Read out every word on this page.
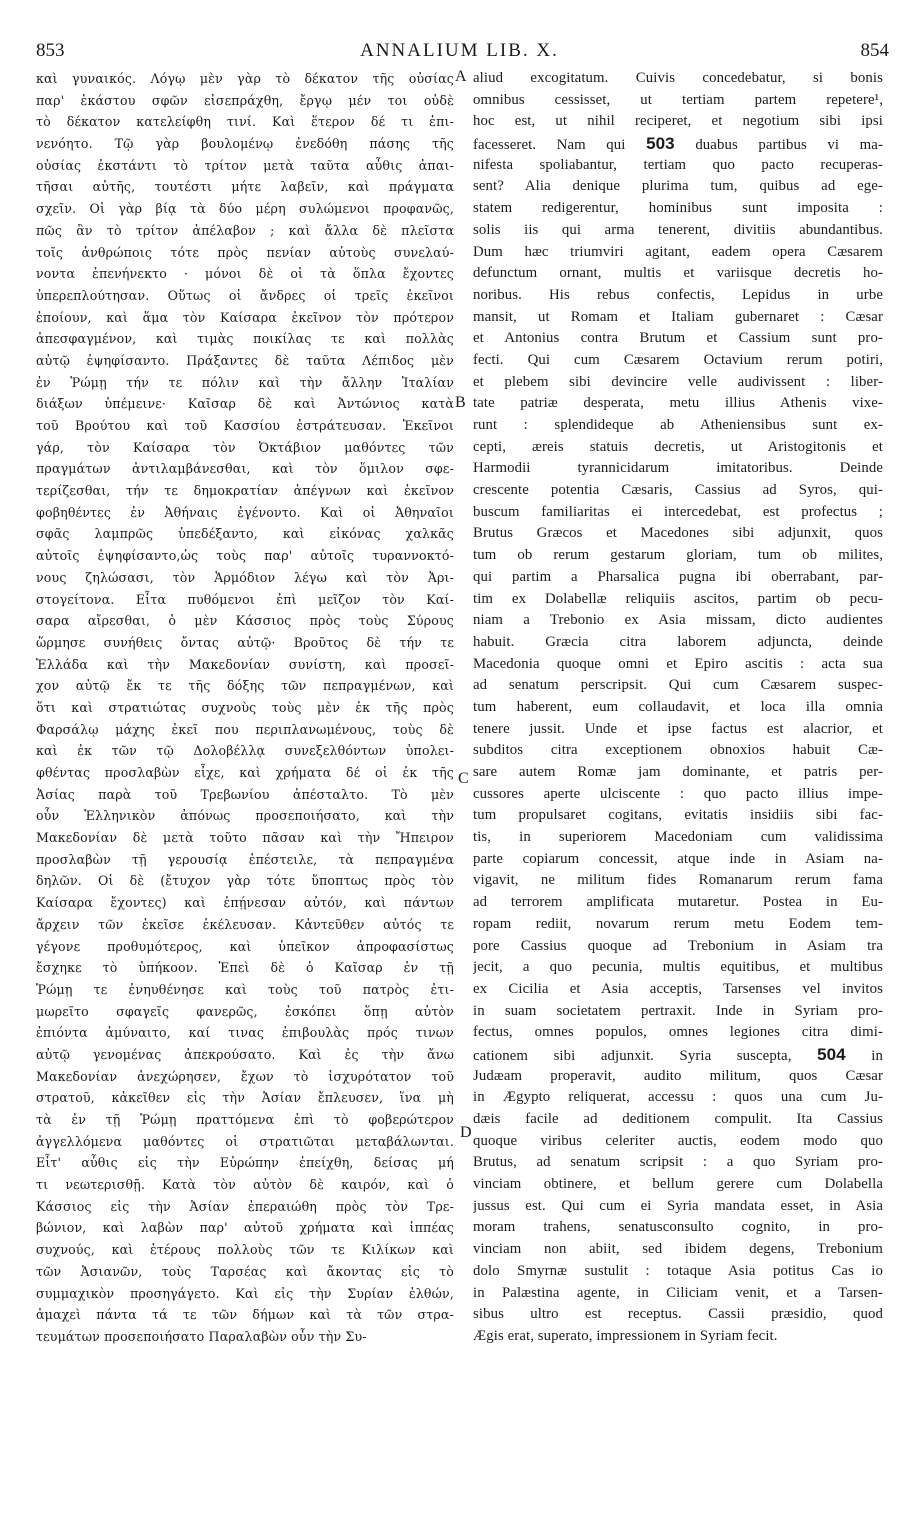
853	ANNALIUM LIB. X.	854
καὶ γυναικός. Λόγῳ μὲν γὰρ τὸ δέκατον τῆς οὐσίας
παρ' ἑκάστου σφῶν εἰσεπράχθη, ἔργῳ μέν τοι οὐδὲ
τὸ δέκατον κατελείφθη τινί. Καὶ ἕτερον δέ τι ἐπι-
νενόητο. Τῷ γὰρ βουλομένῳ ἐνεδόθη πάσης τῆς
οὐσίας ἐκστάντι τὸ τρίτον μετὰ ταῦτα αὖθις ἀπαι-
τῆσαι αὐτῆς, τουτέστι μήτε λαβεῖν, καὶ πράγματα
σχεῖν. Οἱ γὰρ βίᾳ τὰ δύο μέρη συλώμενοι προφανῶς,
πῶς ἂν τὸ τρίτον ἀπέλαβον ; καὶ ἄλλα δὲ πλεῖστα
τοῖς ἀνθρώποις τότε πρὸς πενίαν αὐτοὺς συνελαύ-
νοντα ἐπενήνεκτο · μόνοι δὲ οἱ τὰ ὅπλα ἔχοντες
ὑπερεπλούτησαν. Οὕτως οἱ ἄνδρες οἱ τρεῖς ἐκεῖνοι
ἐποίουν, καὶ ἅμα τὸν Καίσαρα ἐκεῖνον τὸν πρότερον
ἀπεσφαγμένον, καὶ τιμὰς ποικίλας τε καὶ πολλὰς
αὐτῷ ἐψηφίσαντο. Πράξαντες δὲ ταῦτα Λέπιδος μὲν
ἐν Ῥώμῃ τήν τε πόλιν καὶ τὴν ἄλλην Ἰταλίαν
διάξων ὑπέμεινε· Καῖσαρ δὲ καὶ Ἀντώνιος κατὰ
τοῦ Βρούτου καὶ τοῦ Κασσίου ἐστράτευσαν. Ἐκεῖνοι
γάρ, τὸν Καίσαρα τὸν Ὀκτάβιον μαθόντες τῶν
πραγμάτων ἀντιλαμβάνεσθαι, καὶ τὸν ὅμιλον σφε-
τερίζεσθαι, τήν τε δημοκρατίαν ἀπέγνων καὶ ἐκεῖνον
φοβηθέντες ἐν Ἀθήναις ἐγένοντο. Καὶ οἱ Ἀθηναῖοι
σφᾶς λαμπρῶς ὑπεδέξαντο, καὶ εἰκόνας χαλκᾶς
αὐτοῖς ἐψηφίσαντο,ὡς τοὺς παρ' αὐτοῖς τυραννοκτό-
νους ζηλώσασι, τὸν Ἁρμόδιον λέγω καὶ τὸν Ἀρι-
στογείτονα. Εἶτα πυθόμενοι ἐπὶ μεῖζον τὸν Καί-
σαρα αἴρεσθαι, ὁ μὲν Κάσσιος πρὸς τοὺς Σύρους
ὥρμησε συνήθεις ὄντας αὐτῷ· Βροῦτος δὲ τήν τε
Ἑλλάδα καὶ τὴν Μακεδονίαν συνίστη, καὶ προσεῖ-
χον αὐτῷ ἔκ τε τῆς δόξης τῶν πεπραγμένων, καὶ
ὅτι καὶ στρατιώτας συχνοὺς τοὺς μὲν ἐκ τῆς πρὸς
Φαρσάλῳ μάχης ἐκεῖ που περιπλανωμένους, τοὺς δὲ
καὶ ἐκ τῶν τῷ Δολοβέλλᾳ συνεξελθόντων ὑπολει-
φθέντας προσλαβὼν εἶχε, καὶ χρήματα δέ οἱ ἐκ τῆς
Ἀσίας παρὰ τοῦ Τρεβωνίου ἀπέσταλτο. Τὸ μὲν
οὖν Ἑλληνικὸν ἀπόνως προσεποιήσατο, καὶ τὴν
Μακεδονίαν δὲ μετὰ τοῦτο πᾶσαν καὶ τὴν Ἤπειρον
προσλαβὼν τῇ γερουσίᾳ ἐπέστειλε, τὰ πεπραγμένα
δηλῶν. Οἱ δὲ (ἔτυχον γὰρ τότε ὕποπτως πρὸς τὸν
Καίσαρα ἔχοντες) καὶ ἐπῄνεσαν αὐτόν, καὶ πάντων
ἄρχειν τῶν ἐκεῖσε ἐκέλευσαν. Κἀντεῦθεν αὐτός τε
γέγονε προθυμότερος, καὶ ὑπεῖκον ἀπροφασίστως
ἔσχηκε τὸ ὑπήκοον. Ἐπεὶ δὲ ὁ Καῖσαρ ἐν τῇ
Ῥώμῃ τε ἐνηυθένησε καὶ τοὺς τοῦ πατρὸς ἐτι-
μωρεῖτο σφαγεῖς φανερῶς, ἐσκόπει ὅπῃ αὐτὸν
ἐπιόντα ἀμύναιτο, καί τινας ἐπιβουλὰς πρός τινων
αὐτῷ γενομένας ἀπεκρούσατο. Καὶ ἐς τὴν ἄνω
Μακεδονίαν ἀνεχώρησεν, ἔχων τὸ ἰσχυρότατον τοῦ
στρατοῦ, κἀκεῖθεν εἰς τὴν Ἀσίαν ἔπλευσεν, ἵνα μὴ
τὰ ἐν τῇ Ῥώμῃ πραττόμενα ἐπὶ τὸ φοβερώτερον
ἀγγελλόμενα μαθόντες οἱ στρατιῶται μεταβάλωνται.
Εἶτ' αὖθις εἰς τὴν Εὐρώπην ἐπείχθη, δείσας μή
τι νεωτερισθῇ. Κατὰ τὸν αὐτὸν δὲ καιρόν, καὶ ὁ
Κάσσιος εἰς τὴν Ἀσίαν ἐπεραιώθη πρὸς τὸν Τρε-
βώνιον, καὶ λαβὼν παρ' αὐτοῦ χρήματα καὶ ἱππέας
συχνούς, καὶ ἑτέρους πολλοὺς τῶν τε Κιλίκων καὶ
τῶν Ἀσιανῶν, τοὺς Ταρσέας καὶ ἄκοντας εἰς τὸ
συμμαχικὸν προσηγάγετο. Καὶ εἰς τὴν Συρίαν ἐλθών,
ἀμαχεὶ πάντα τά τε τῶν δήμων καὶ τὰ τῶν στρα-
τευμάτων προσεποιήσατο Παραλαβὼν οὖν τὴν Συ-
A
B
C
D
aliud excogitatum. Cuivis concedebatur, si bonis
omnibus cessisset, ut tertiam partem repetere¹,
hoc est, ut nihil reciperet, et negotium sibi ipsi
facesseret. Nam qui 503 duabus partibus vi ma-
nifesta spoliabantur, tertiam quo pacto recuperas-
sent? Alia denique plurima tum, quibus ad ege-
statem redigerentur, hominibus sunt imposita :
solis iis qui arma tenerent, divitiis abundantibus.
Dum hæc triumviri agitant, eadem opera Cæsarem
defunctum ornant, multis et variisque decretis ho-
noribus. His rebus confectis, Lepidus in urbe
mansit, ut Romam et Italiam gubernaret : Cæsar
et Antonius contra Brutum et Cassium sunt pro-
fecti. Qui cum Cæsarem Octavium rerum potiri,
et plebem sibi devincire velle audivissent : liber-
tate patriæ desperata, metu illius Athenis vixe-
runt : splendideque ab Atheniensibus sunt ex-
cepti, æreis statuis decretis, ut Aristogitonis et
Harmodii tyrannicidarum imitatoribus. Deinde
crescente potentia Cæsaris, Cassius ad Syros, qui-
buscum familiaritas ei intercedebat, est profectus ;
Brutus Græcos et Macedones sibi adjunxit, quos
tum ob rerum gestarum gloriam, tum ob milites,
qui partim a Pharsalica pugna ibi oberrabant, par-
tim ex Dolabellæ reliquiis ascitos, partim ob pecu-
niam a Trebonio ex Asia missam, dicto audientes
habuit. Græcia citra laborem adjuncta, deinde
Macedonia quoque omni et Epiro ascitis : acta sua
ad senatum perscripsit. Qui cum Cæsarem suspec-
tum haberent, eum collaudavit, et loca illa omnia
tenere jussit. Unde et ipse factus est alacrior, et
subditos citra exceptionem obnoxios habuit Cæ-
sare autem Romæ jam dominante, et patris per-
cussores aperte ulciscente : quo pacto illius impe-
tum propulsaret cogitans, evitatis insidiis sibi fac-
tis, in superiorem Macedoniam cum validissima
parte copiarum concessit, atque inde in Asiam na-
vigavit, ne militum fides Romanarum rerum fama
ad terrorem amplificata mutaretur. Postea in Eu-
ropam rediit, novarum rerum metu Eodem tem-
pore Cassius quoque ad Trebonium in Asiam tra
jecit, a quo pecunia, multis equitibus, et multibus
ex Cicilia et Asia acceptis, Tarsenses vel invitos
in suam societatem pertraxit. Inde in Syriam pro-
fectus, omnes populos, omnes legiones citra dimi-
cationem sibi adjunxit. Syria suscepta, 504 in
Judæam properavit, audito militum, quos Cæsar
in Ægypto reliquerat, accessu : quos una cum Ju-
dæis facile ad deditionem compulit. Ita Cassius
quoque viribus celeriter auctis, eodem modo quo
Brutus, ad senatum scripsit : a quo Syriam pro-
vinciam obtinere, et bellum gerere cum Dolabella
jussus est. Qui cum ei Syria mandata esset, in Asia
moram trahens, senatusconsulto cognito, in pro-
vinciam non abiit, sed ibidem degens, Trebonium
dolo Smyrnæ sustulit : totaque Asia potitus Cas io
in Palæstina agente, in Ciliciam venit, et a Tarsen-
sibus ultro est receptus. Cassii præsidio, quod
Ægis erat, superato, impressionem in Syriam fecit.
